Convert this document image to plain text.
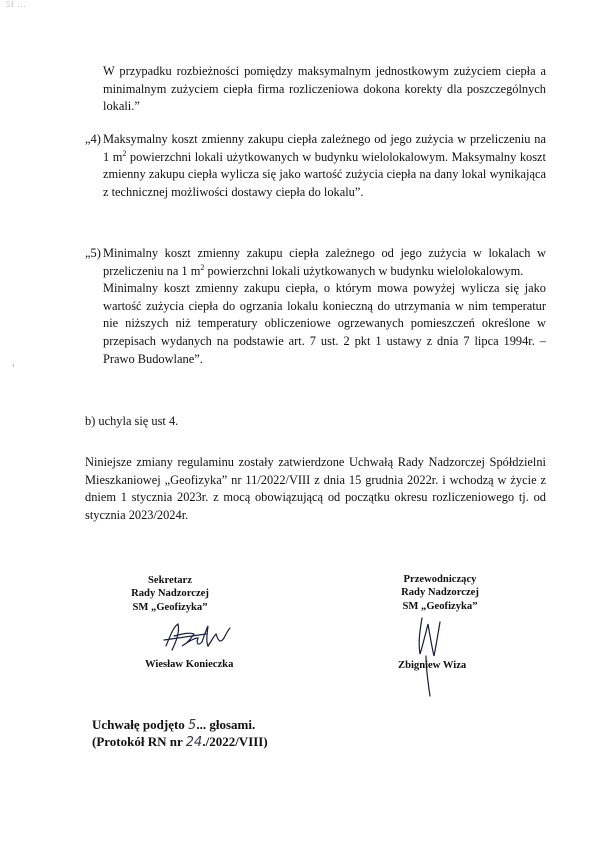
5f ...

W przypadku rozbieżności pomiędzy maksymalnym jednostkowym zużyciem ciepła a minimalnym zużyciem ciepła firma rozliczeniowa dokona korekty dla poszczególnych lokali.”

„4) Maksymalny koszt zmienny zakupu ciepła zależnego od jego zużycia w przeliczeniu na 1 $m^2$ powierzchni lokali użytkowanych w budynku wielolokalowym. Maksymalny koszt zmienny zakupu ciepła wylicza się jako wartość zużycia ciepła na dany lokal wynikająca z technicznej możliwości dostawy ciepła do lokalu”.

„5) Minimalny koszt zmienny zakupu ciepła zależnego od jego zużycia w lokalach w przeliczeniu na 1 $m^2$ powierzchni lokali użytkowanych w budynku wielolokalowym.

Minimalny koszt zmienny zakupu ciepła, o którym mowa powyżej wylicza się jako wartość zużycia ciepła do ogrzania lokalu konieczną do utrzymania w nim temperatur nie niższych niż temperatury obliczeniowe ogrzewanych pomieszczeń określone w przepisach wydanych na podstawie art. 7 ust. 2 pkt 1 ustawy z dnia 7 lipca 1994r. – Prawo Budowlane”.

’

b) uchyla się ust 4.

Niniejsze zmiany regulaminu zostały zatwierdzone Uchwałą Rady Nadzorczej Spółdzielni Mieszkaniowej „Geofizyka” nr 11/2022/VIII z dnia 15 grudnia 2022r. i wchodzą w życie z dniem 1 stycznia 2023r. z mocą obowiązującą od początku okresu rozliczeniowego tj. od stycznia 2023/2024r.

Sekretarz
Rady Nadzorczej
SM „Geofizyka”
Wiesław Konieczka
Przewodniczący
Rady Nadzorczej
SM „Geofizyka”
Zbigniew Wiza
Uchwałę podjęto 5... głosami.
(Protokół RN nr 24./2022/VIII)
